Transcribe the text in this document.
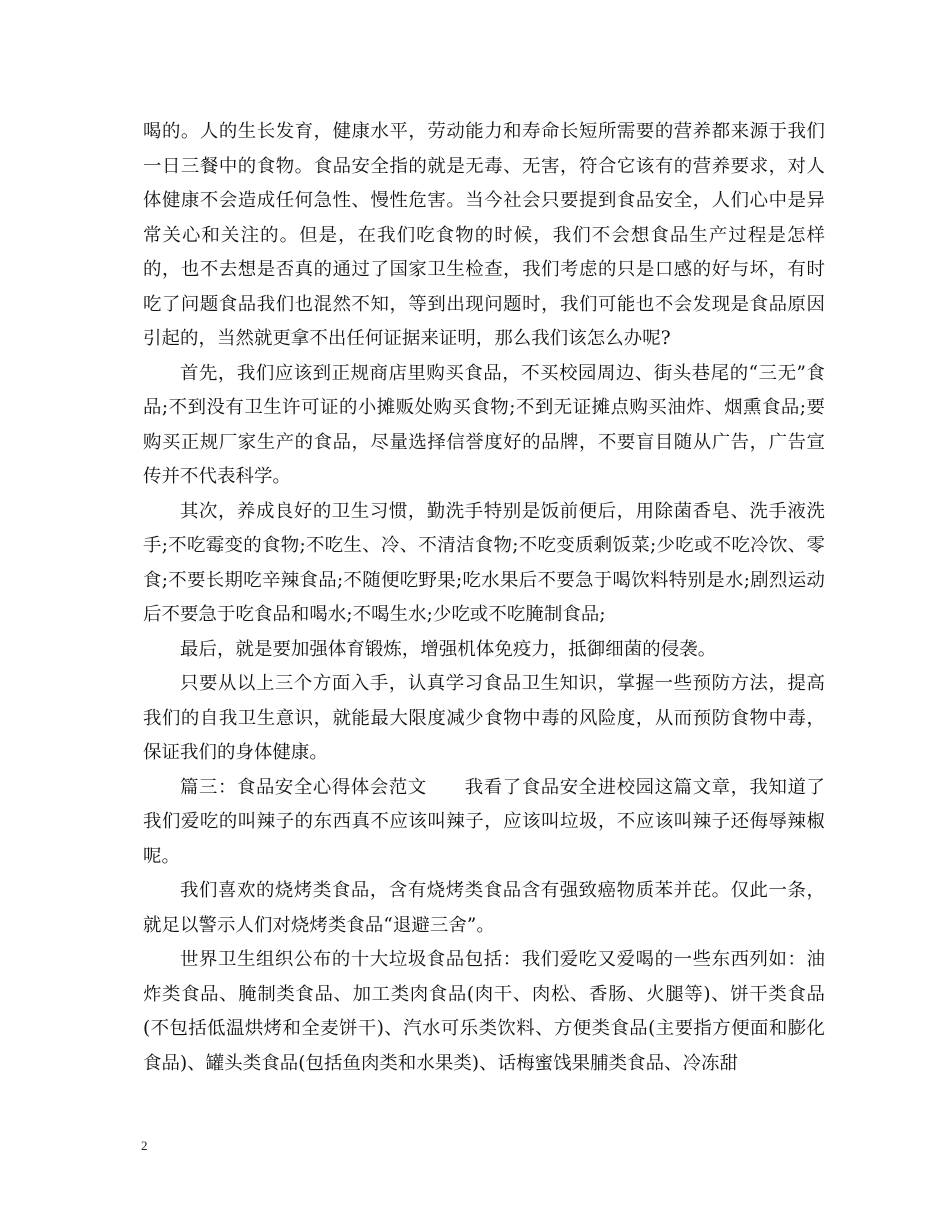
喝的。人的生长发育，健康水平，劳动能力和寿命长短所需要的营养都来源于我们一日三餐中的食物。食品安全指的就是无毒、无害，符合它该有的营养要求，对人体健康不会造成任何急性、慢性危害。当今社会只要提到食品安全，人们心中是异常关心和关注的。但是，在我们吃食物的时候，我们不会想食品生产过程是怎样的，也不去想是否真的通过了国家卫生检查，我们考虑的只是口感的好与坏，有时吃了问题食品我们也混然不知，等到出现问题时，我们可能也不会发现是食品原因引起的，当然就更拿不出任何证据来证明，那么我们该怎么办呢?

首先，我们应该到正规商店里购买食品，不买校园周边、街头巷尾的“三无”食品;不到没有卫生许可证的小摊贩处购买食物;不到无证摊点购买油炸、烟熏食品;要购买正规厂家生产的食品，尽量选择信誉度好的品牌，不要盲目随从广告，广告宣传并不代表科学。

其次，养成良好的卫生习惯，勤洗手特别是饭前便后，用除菌香皂、洗手液洗手;不吃霉变的食物;不吃生、冷、不清洁食物;不吃变质剩饭菜;少吃或不吃冷饮、零食;不要长期吃辛辣食品;不随便吃野果;吃水果后不要急于喝饮料特别是水;剧烈运动后不要急于吃食品和喝水;不喝生水;少吃或不吃腌制食品;

最后，就是要加强体育锻炼，增强机体免疫力，抵御细菌的侵袭。

只要从以上三个方面入手，认真学习食品卫生知识，掌握一些预防方法，提高我们的自我卫生意识，就能最大限度减少食物中毒的风险度，从而预防食物中毒，保证我们的身体健康。

篇三：食品安全心得体会范文　　我看了食品安全进校园这篇文章，我知道了我们爱吃的叫辣子的东西真不应该叫辣子，应该叫垃圾，不应该叫辣子还侮辱辣椒呢。

我们喜欢的烧烤类食品，含有烧烤类食品含有强致癌物质苯并芘。仅此一条，就足以警示人们对烧烤类食品“退避三舍”。

世界卫生组织公布的十大垃圾食品包括：我们爱吃又爱喝的一些东西列如：油炸类食品、腌制类食品、加工类肉食品(肉干、肉松、香肠、火腿等)、饼干类食品(不包括低温烘烤和全麦饼干)、汽水可乐类饮料、方便类食品(主要指方便面和膨化食品)、罐头类食品(包括鱼肉类和水果类)、话梅蜜饯果脯类食品、冷冻甜

2
